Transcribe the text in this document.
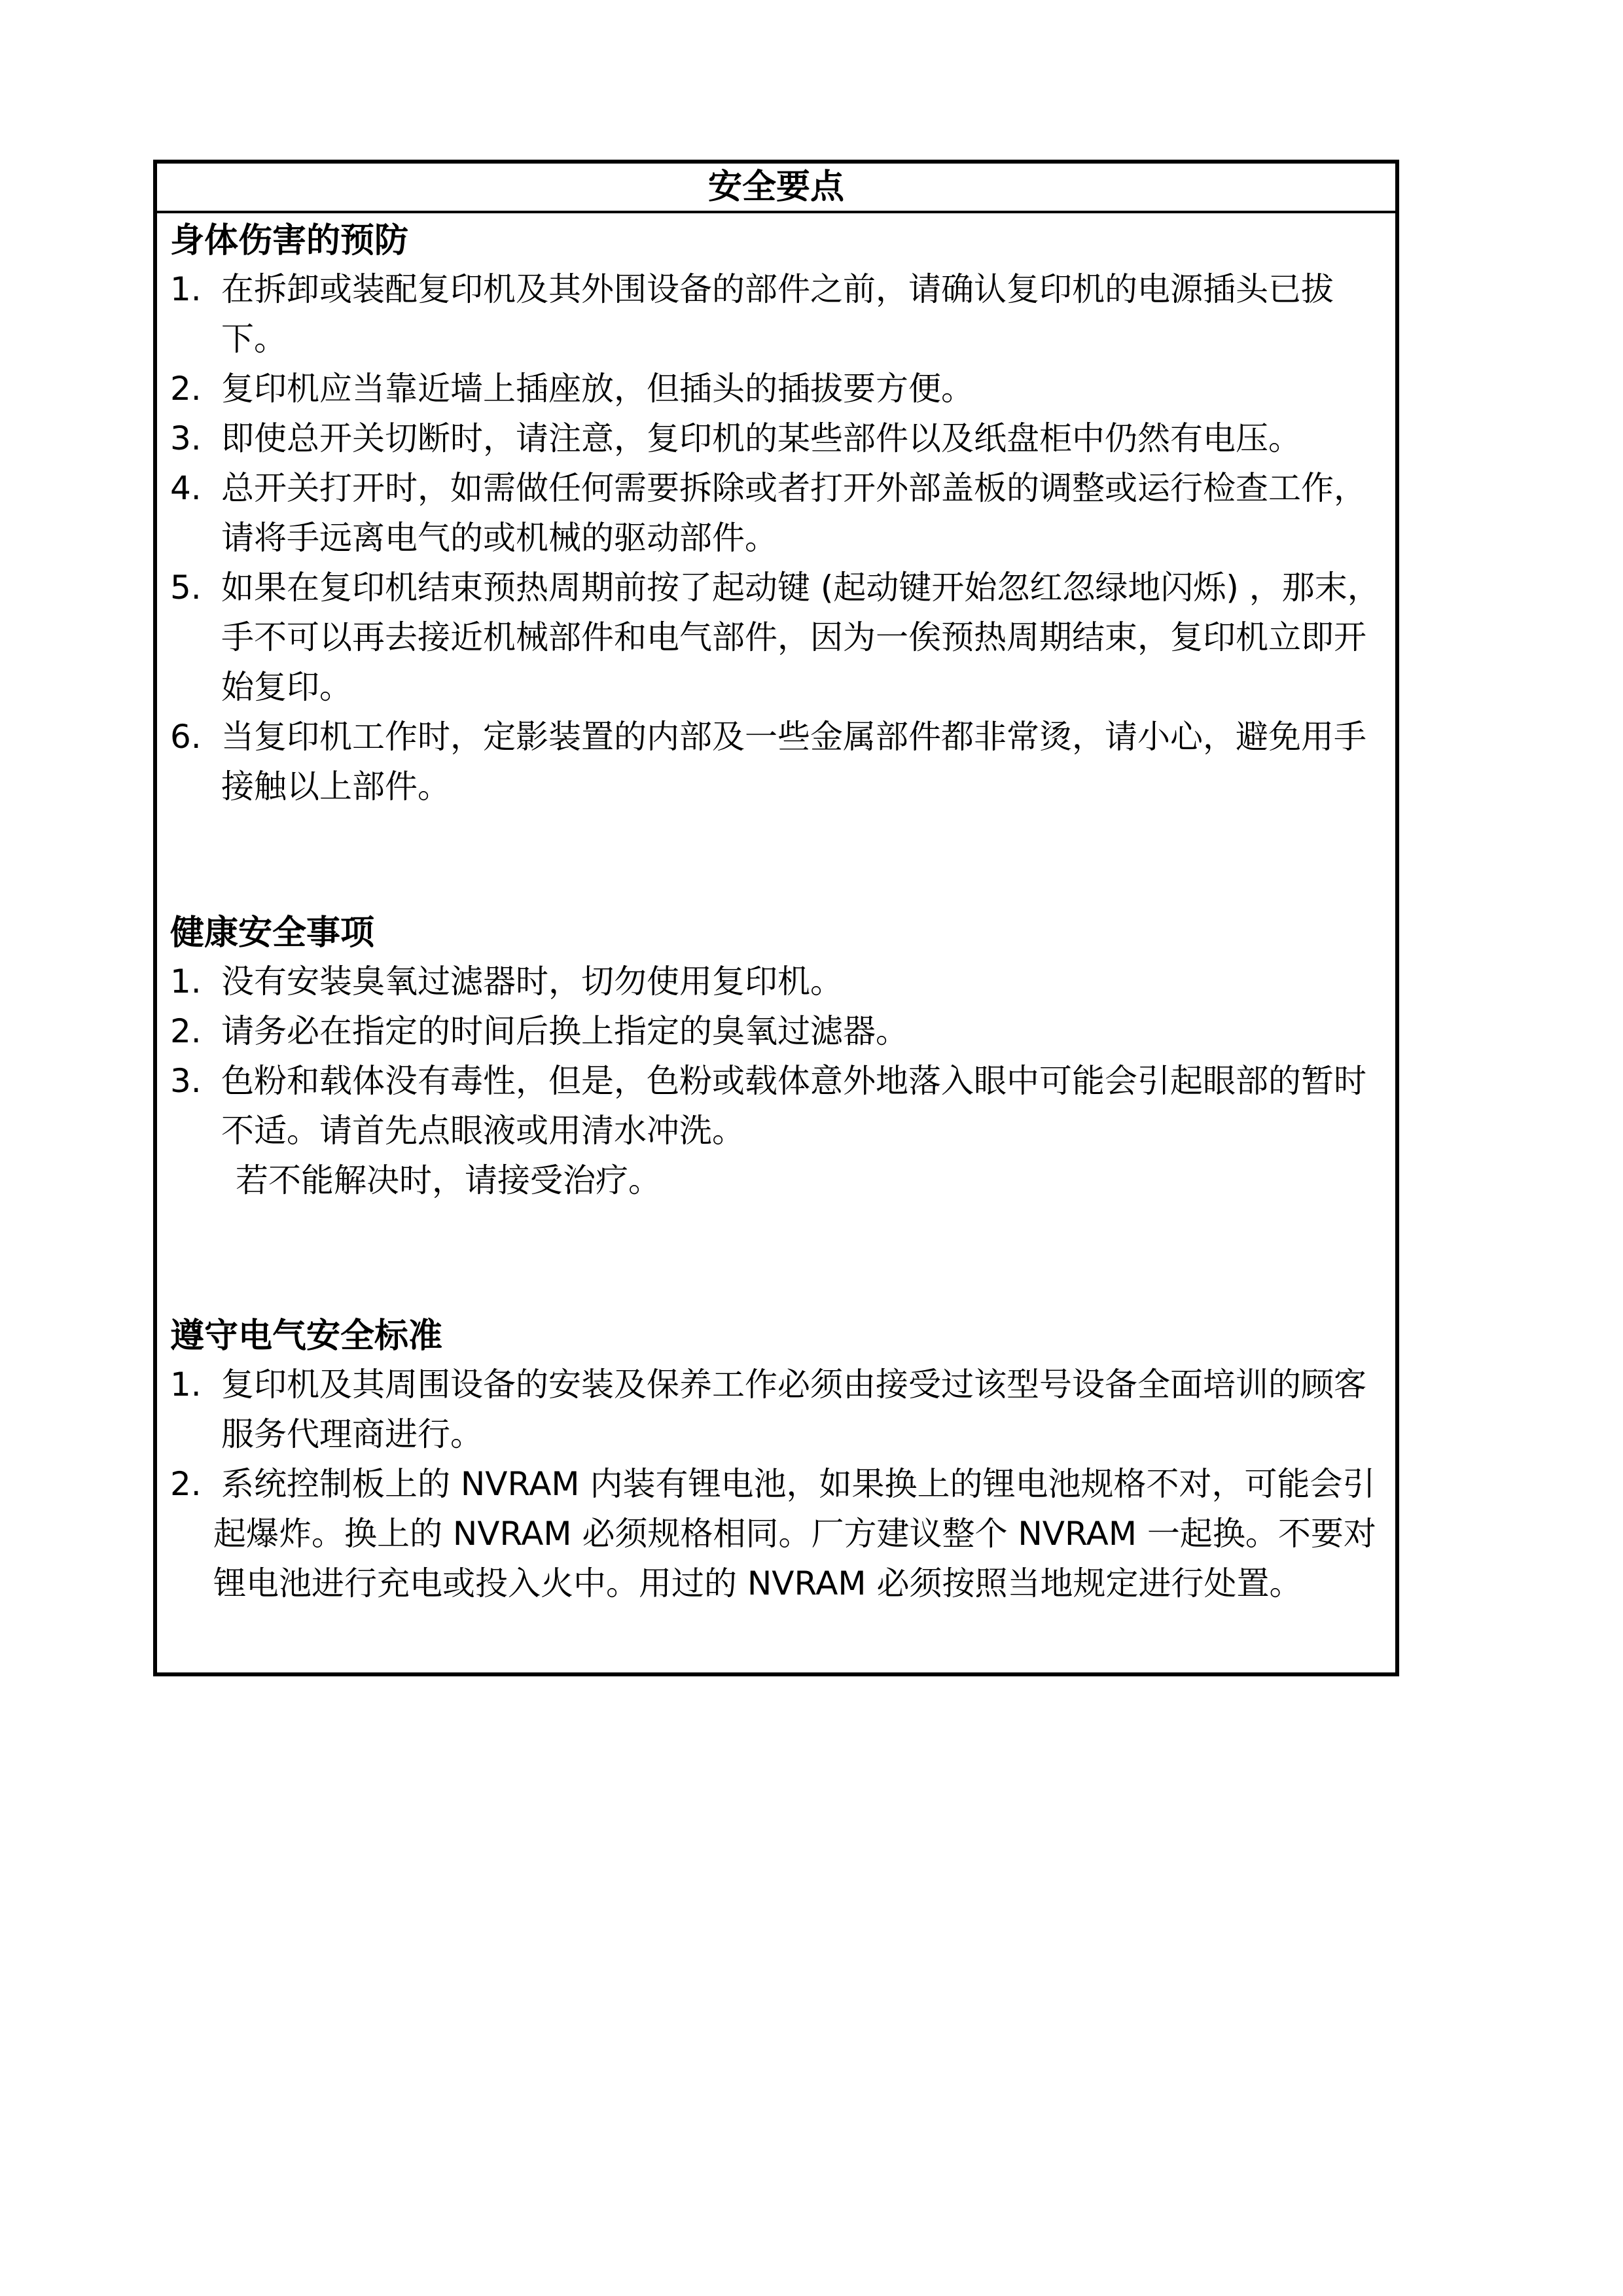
安全要点
身体伤害的预防
1. 在拆卸或装配复印机及其外围设备的部件之前，请确认复印机的电源插头已拔下。
2. 复印机应当靠近墙上插座放，但插头的插拔要方便。
3. 即使总开关切断时，请注意，复印机的某些部件以及纸盘柜中仍然有电压。
4. 总开关打开时，如需做任何需要拆除或者打开外部盖板的调整或运行检查工作，请将手远离电气的或机械的驱动部件。
5. 如果在复印机结束预热周期前按了起动键 (起动键开始忽红忽绿地闪烁) ，那末，手不可以再去接近机械部件和电气部件，因为一俟预热周期结束，复印机立即开始复印。
6. 当复印机工作时，定影装置的内部及一些金属部件都非常烫，请小心，避免用手接触以上部件。
健康安全事项
1. 没有安装臭氧过滤器时，切勿使用复印机。
2. 请务必在指定的时间后换上指定的臭氧过滤器。
3. 色粉和载体没有毒性，但是，色粉或载体意外地落入眼中可能会引起眼部的暂时不适。请首先点眼液或用清水冲洗。
若不能解决时，请接受治疗。
遵守电气安全标准
1. 复印机及其周围设备的安装及保养工作必须由接受过该型号设备全面培训的顾客服务代理商进行。
2. 系统控制板上的 NVRAM 内装有锂电池，如果换上的锂电池规格不对，可能会引起爆炸。换上的 NVRAM 必须规格相同。厂方建议整个 NVRAM 一起换。不要对锂电池进行充电或投入火中。用过的 NVRAM 必须按照当地规定进行处置。
